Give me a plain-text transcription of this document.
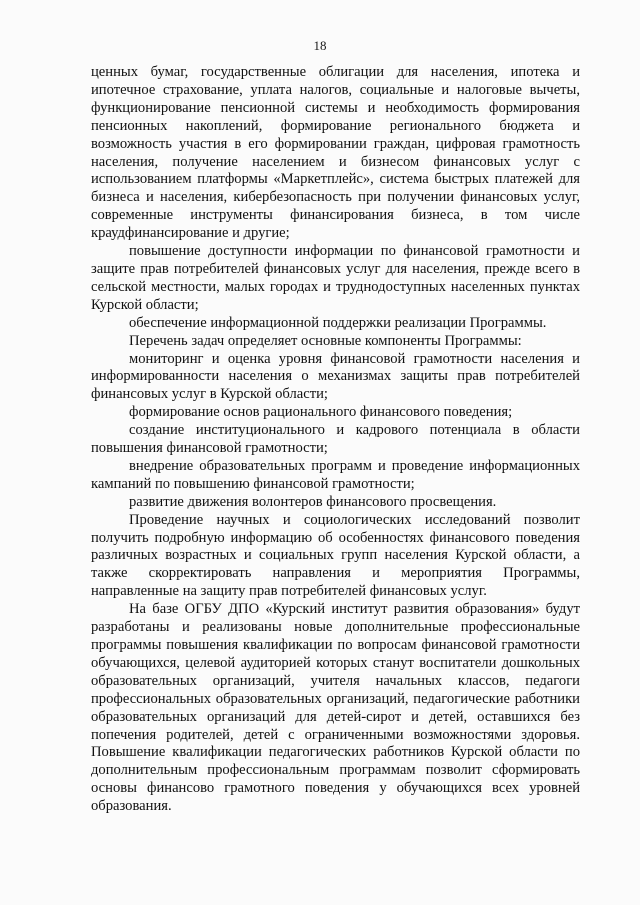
18

ценных бумаг, государственные облигации для населения, ипотека и ипотечное страхование, уплата налогов, социальные и налоговые вычеты, функционирование пенсионной системы и необходимость формирования пенсионных накоплений, формирование регионального бюджета и возможность участия в его формировании граждан, цифровая грамотность населения, получение населением и бизнесом финансовых услуг с использованием платформы «Маркетплейс», система быстрых платежей для бизнеса и населения, кибербезопасность при получении финансовых услуг, современные инструменты финансирования бизнеса, в том числе краудфинансирование и другие;

повышение доступности информации по финансовой грамотности и защите прав потребителей финансовых услуг для населения, прежде всего в сельской местности, малых городах и труднодоступных населенных пунктах Курской области;

обеспечение информационной поддержки реализации Программы.

Перечень задач определяет основные компоненты Программы:

мониторинг и оценка уровня финансовой грамотности населения и информированности населения о механизмах защиты прав потребителей финансовых услуг в Курской области;

формирование основ рационального финансового поведения;

создание институционального и кадрового потенциала в области повышения финансовой грамотности;

внедрение образовательных программ и проведение информационных кампаний по повышению финансовой грамотности;

развитие движения волонтеров финансового просвещения.

Проведение научных и социологических исследований позволит получить подробную информацию об особенностях финансового поведения различных возрастных и социальных групп населения Курской области, а также скорректировать направления и мероприятия Программы, направленные на защиту прав потребителей финансовых услуг.

На базе ОГБУ ДПО «Курский институт развития образования» будут разработаны и реализованы новые дополнительные профессиональные программы повышения квалификации по вопросам финансовой грамотности обучающихся, целевой аудиторией которых станут воспитатели дошкольных образовательных организаций, учителя начальных классов, педагоги профессиональных образовательных организаций, педагогические работники образовательных организаций для детей-сирот и детей, оставшихся без попечения родителей, детей с ограниченными возможностями здоровья. Повышение квалификации педагогических работников Курской области по дополнительным профессиональным программам позволит сформировать основы финансово грамотного поведения у обучающихся всех уровней образования.
